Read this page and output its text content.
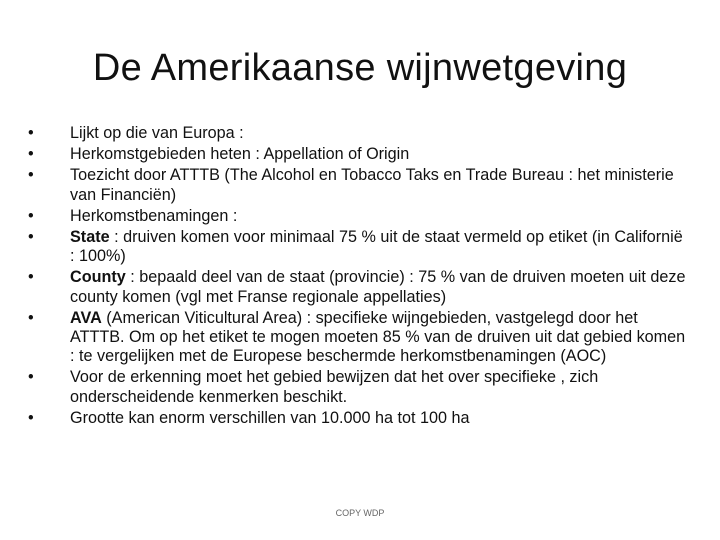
De Amerikaanse wijnwetgeving
•	Lijkt op die van Europa :
•	Herkomstgebieden heten : Appellation of Origin
•	Toezicht door ATTTB (The Alcohol en Tobacco Taks en Trade Bureau : het ministerie van Financiën)
•	Herkomstbenamingen :
•	State : druiven komen voor minimaal 75 % uit de staat vermeld op etiket (in Californië : 100%)
•	County : bepaald deel van de staat (provincie) : 75 % van de druiven moeten uit deze county komen (vgl met Franse regionale appellaties)
•	AVA (American Viticultural Area) : specifieke wijngebieden, vastgelegd door het ATTTB. Om op het etiket te mogen moeten 85 % van de druiven uit dat gebied komen : te vergelijken met de Europese beschermde herkomstbenamingen (AOC)
•	Voor de erkenning moet het gebied bewijzen dat het over specifieke , zich onderscheidende kenmerken beschikt.
•	Grootte kan enorm verschillen van 10.000 ha tot 100 ha
COPY WDP
